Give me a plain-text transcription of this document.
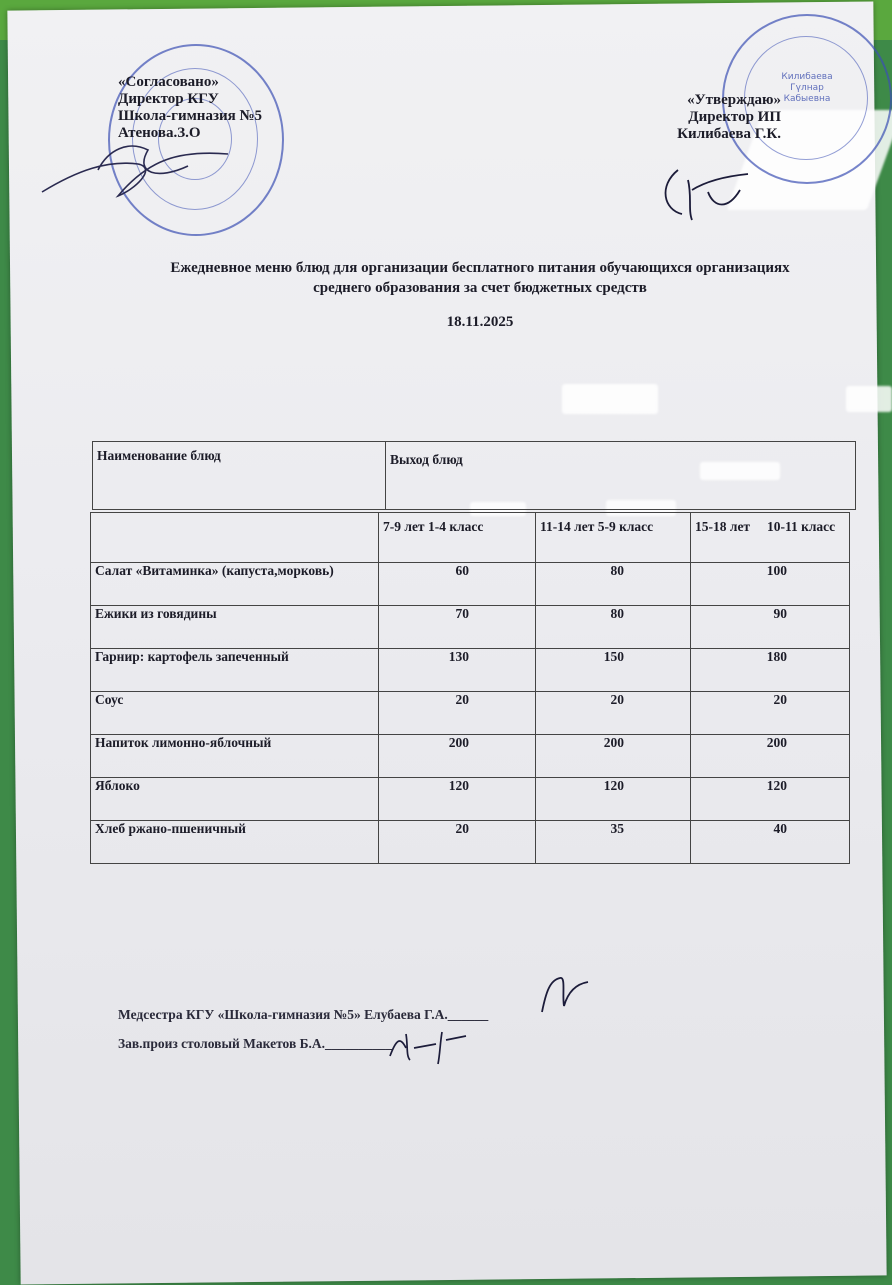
Килибаева
Гүлнар
Кабыевна
«Согласовано»
Директор КГУ
Школа-гимназия №5
Атенова.З.О
«Утверждаю»
Директор ИП
Килибаева Г.К.
Ежедневное меню блюд для организации бесплатного питания обучающихся организациях
среднего образования за счет бюджетных средств
18.11.2025
Наименование блюд	Выход блюд
	7-9 лет 1-4 класс	11-14 лет 5-9 класс	15-18 лет     10-11 класс
Салат «Витаминка» (капуста,морковь)	60	80	100
Ежики из говядины	70	80	90
Гарнир: картофель запеченный	130	150	180
Соус	20	20	20
Напиток лимонно-яблочный	200	200	200
Яблоко	120	120	120
Хлеб ржано-пшеничный	20	35	40
Медсестра КГУ «Школа-гимназия №5» Елубаева Г.А.______
Зав.произ столовый Макетов Б.А.__________
